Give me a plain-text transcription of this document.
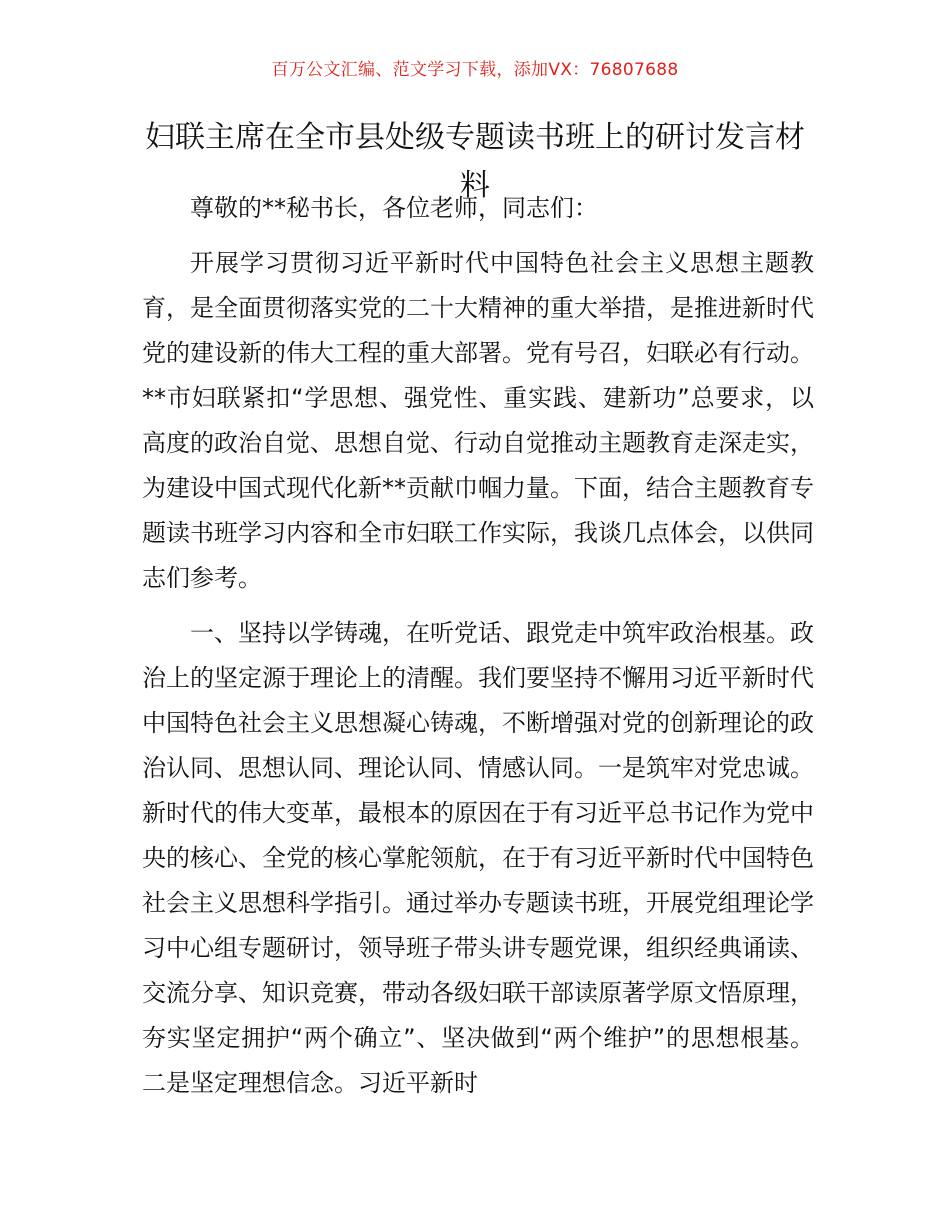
百万公文汇编、范文学习下载，添加VX：76807688
妇联主席在全市县处级专题读书班上的研讨发言材料

尊敬的**秘书长，各位老师，同志们：

开展学习贯彻习近平新时代中国特色社会主义思想主题教育，是全面贯彻落实党的二十大精神的重大举措，是推进新时代党的建设新的伟大工程的重大部署。党有号召，妇联必有行动。**市妇联紧扣“学思想、强党性、重实践、建新功”总要求，以高度的政治自觉、思想自觉、行动自觉推动主题教育走深走实，为建设中国式现代化新**贡献巾帼力量。下面，结合主题教育专题读书班学习内容和全市妇联工作实际，我谈几点体会，以供同志们参考。

一、坚持以学铸魂，在听党话、跟党走中筑牢政治根基。政治上的坚定源于理论上的清醒。我们要坚持不懈用习近平新时代中国特色社会主义思想凝心铸魂，不断增强对党的创新理论的政治认同、思想认同、理论认同、情感认同。一是筑牢对党忠诚。新时代的伟大变革，最根本的原因在于有习近平总书记作为党中央的核心、全党的核心掌舵领航，在于有习近平新时代中国特色社会主义思想科学指引。通过举办专题读书班，开展党组理论学习中心组专题研讨，领导班子带头讲专题党课，组织经典诵读、交流分享、知识竞赛，带动各级妇联干部读原著学原文悟原理，夯实坚定拥护“两个确立”、坚决做到“两个维护”的思想根基。二是坚定理想信念。习近平新时
